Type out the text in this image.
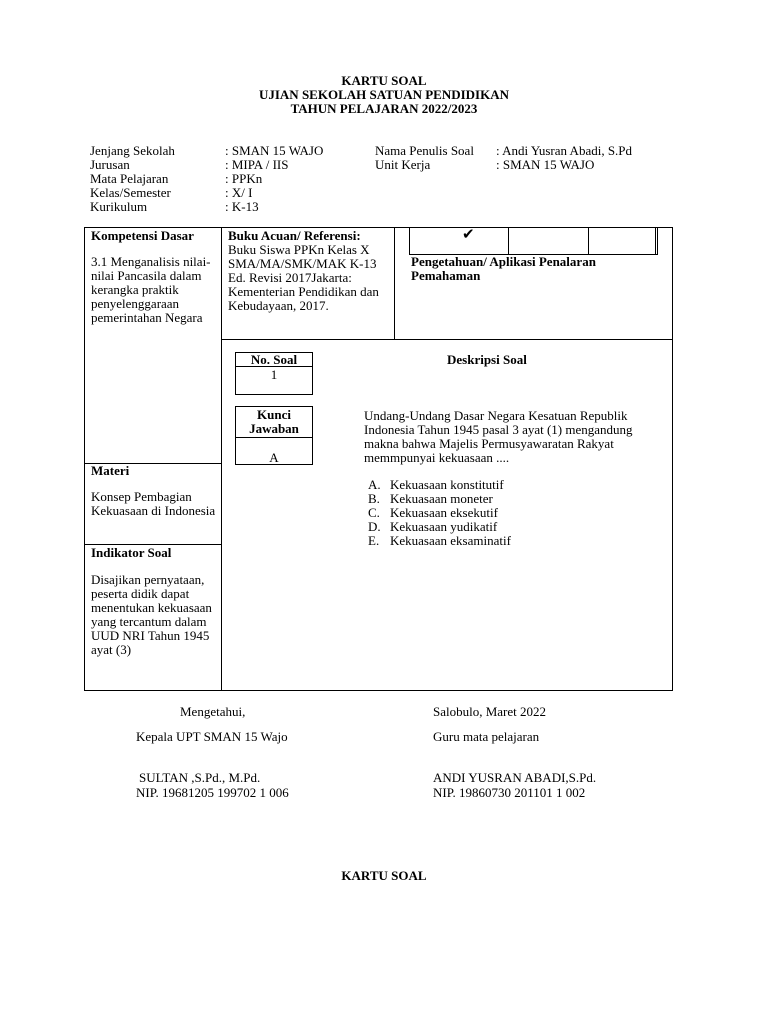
KARTU SOAL
UJIAN SEKOLAH SATUAN PENDIDIKAN
TAHUN PELAJARAN 2022/2023
Jenjang Sekolah	: SMAN 15 WAJO
Jurusan	: MIPA / IIS
Mata Pelajaran	: PPKn
Kelas/Semester	: X/ I
Kurikulum	: K-13
Nama Penulis Soal : Andi Yusran Abadi, S.Pd
Unit Kerja	: SMAN 15 WAJO
✔
Pengetahuan/ Aplikasi Penalaran Pemahaman
Kompetensi Dasar
3.1 Menganalisis nilai-nilai Pancasila dalam kerangka praktik penyelenggaraan pemerintahan Negara
Buku Acuan/ Referensi:
Buku Siswa PPKn Kelas X SMA/MA/SMK/MAK K-13 Ed. Revisi 2017Jakarta: Kementerian Pendidikan dan Kebudayaan, 2017.
No. Soal
1
Kunci Jawaban
A
Deskripsi Soal
Undang-Undang Dasar Negara Kesatuan Republik Indonesia Tahun 1945 pasal 3 ayat (1) mengandung makna bahwa Majelis Permusyawaratan Rakyat memmpunyai kekuasaan ....
A. Kekuasaan konstitutif
B. Kekuasaan moneter
C. Kekuasaan eksekutif
D. Kekuasaan yudikatif
E. Kekuasaan eksaminatif
Materi
Konsep Pembagian Kekuasaan di Indonesia
Indikator Soal
Disajikan pernyataan, peserta didik dapat menentukan kekuasaan yang tercantum dalam UUD NRI Tahun 1945 ayat (3)
Mengetahui,
Kepala UPT SMAN 15 Wajo
SULTAN ,S.Pd., M.Pd.
NIP. 19681205 199702 1 006
Salobulo, Maret 2022
Guru mata pelajaran
ANDI YUSRAN ABADI,S.Pd.
NIP. 19860730 201101 1 002
KARTU SOAL
